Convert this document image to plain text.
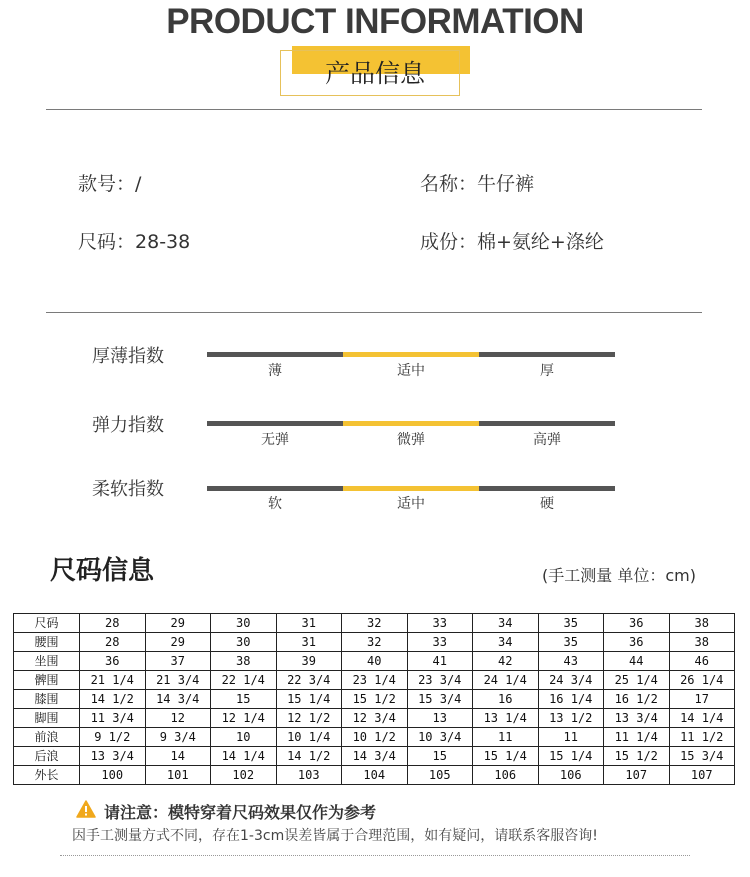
PRODUCT INFORMATION
产品信息
款号：/	名称：牛仔裤
尺码：28-38	成份：棉+氨纶+涤纶
厚薄指数
薄	适中	厚
弹力指数
无弹	微弹	高弹
柔软指数
软	适中	硬
尺码信息	(手工测量 单位：cm)
尺码	28	29	30	31	32	33	34	35	36	38
腰围	28	29	30	31	32	33	34	35	36	38
坐围	36	37	38	39	40	41	42	43	44	46
髀围	21 1/4	21 3/4	22 1/4	22 3/4	23 1/4	23 3/4	24 1/4	24 3/4	25 1/4	26 1/4
膝围	14 1/2	14 3/4	15	15 1/4	15 1/2	15 3/4	16	16 1/4	16 1/2	17
脚围	11 3/4	12	12 1/4	12 1/2	12 3/4	13	13 1/4	13 1/2	13 3/4	14 1/4
前浪	9 1/2	9 3/4	10	10 1/4	10 1/2	10 3/4	11	11	11 1/4	11 1/2
后浪	13 3/4	14	14 1/4	14 1/2	14 3/4	15	15 1/4	15 1/4	15 1/2	15 3/4
外长	100	101	102	103	104	105	106	106	107	107
请注意：模特穿着尺码效果仅作为参考
因手工测量方式不同，存在1-3cm误差皆属于合理范围，如有疑问，请联系客服咨询!
